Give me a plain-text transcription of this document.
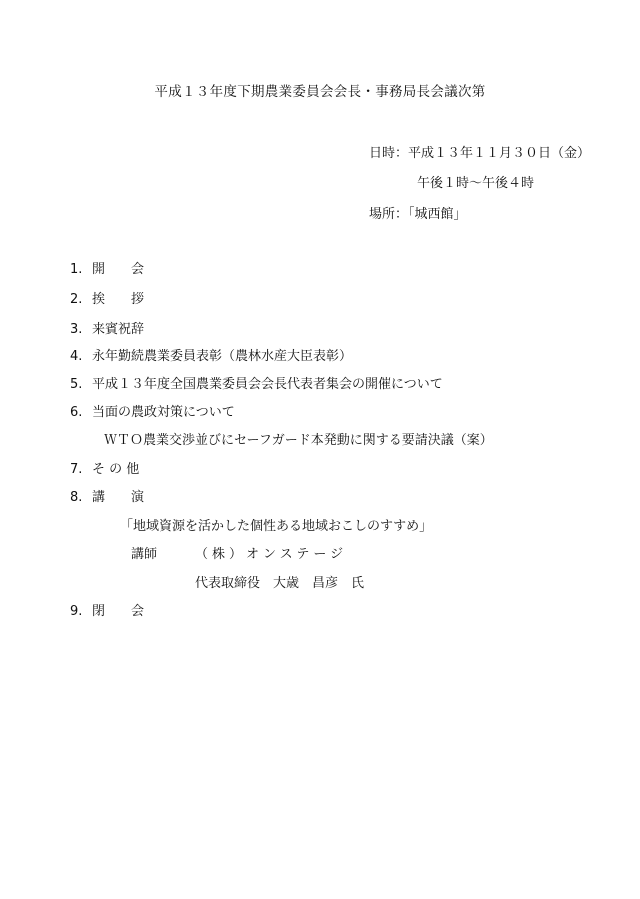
平成１３年度下期農業委員会会長・事務局長会議次第
日時：平成１３年１１月３０日（金）
午後１時～午後４時
場所：「城西館」
1. 開　　会
2. 挨　　拶
3. 来賓祝辞
4. 永年勤続農業委員表彰（農林水産大臣表彰）
5. 平成１３年度全国農業委員会会長代表者集会の開催について
6. 当面の農政対策について
ＷＴＯ農業交渉並びにセーフガード本発動に関する要請決議（案）
7. そ の 他
8. 講　　演
「地域資源を活かした個性ある地域おこしのすすめ」
講師	（株）オンステージ
代表取締役　大歳　昌彦　氏
9. 閉　　会
